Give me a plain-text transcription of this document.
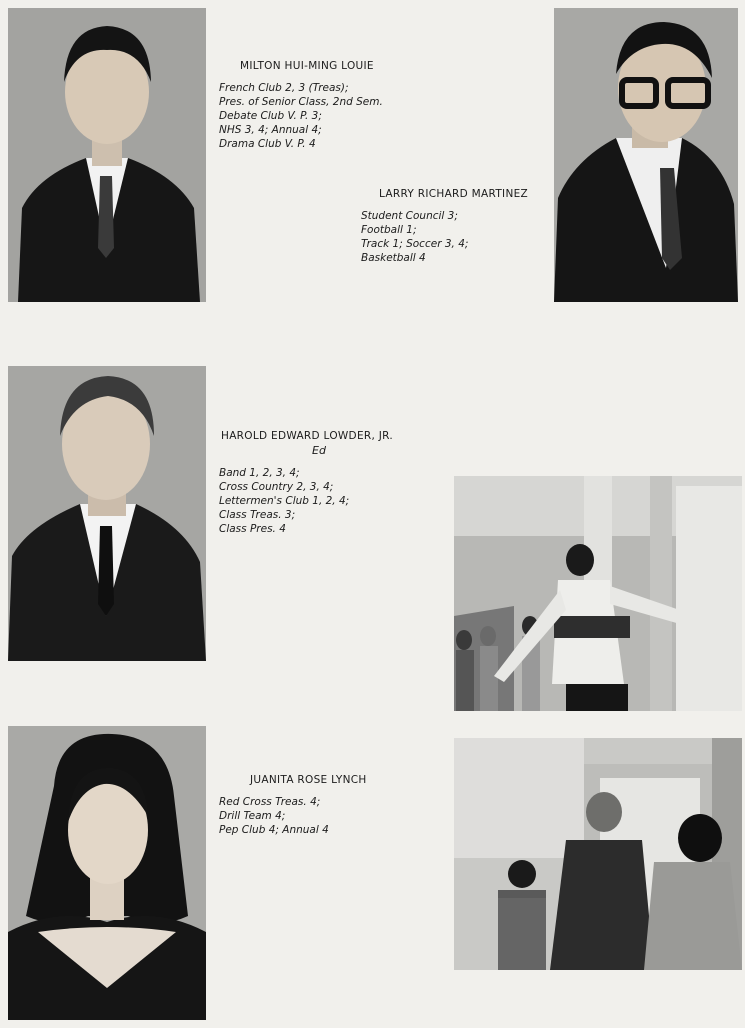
MILTON HUI-MING LOUIE

French Club 2, 3 (Treas);

Pres. of Senior Class, 2nd Sem.

Debate Club V. P. 3;

NHS 3, 4; Annual 4;

Drama Club V. P. 4

LARRY RICHARD MARTINEZ

Student Council 3;

Football 1;

Track 1; Soccer 3, 4;

Basketball 4

HAROLD EDWARD LOWDER, JR.
Ed

Band 1, 2, 3, 4;

Cross Country 2, 3, 4;

Lettermen's Club 1, 2, 4;

Class Treas. 3;

Class Pres. 4

JUANITA ROSE LYNCH

Red Cross Treas. 4;

Drill Team 4;

Pep Club 4; Annual 4
